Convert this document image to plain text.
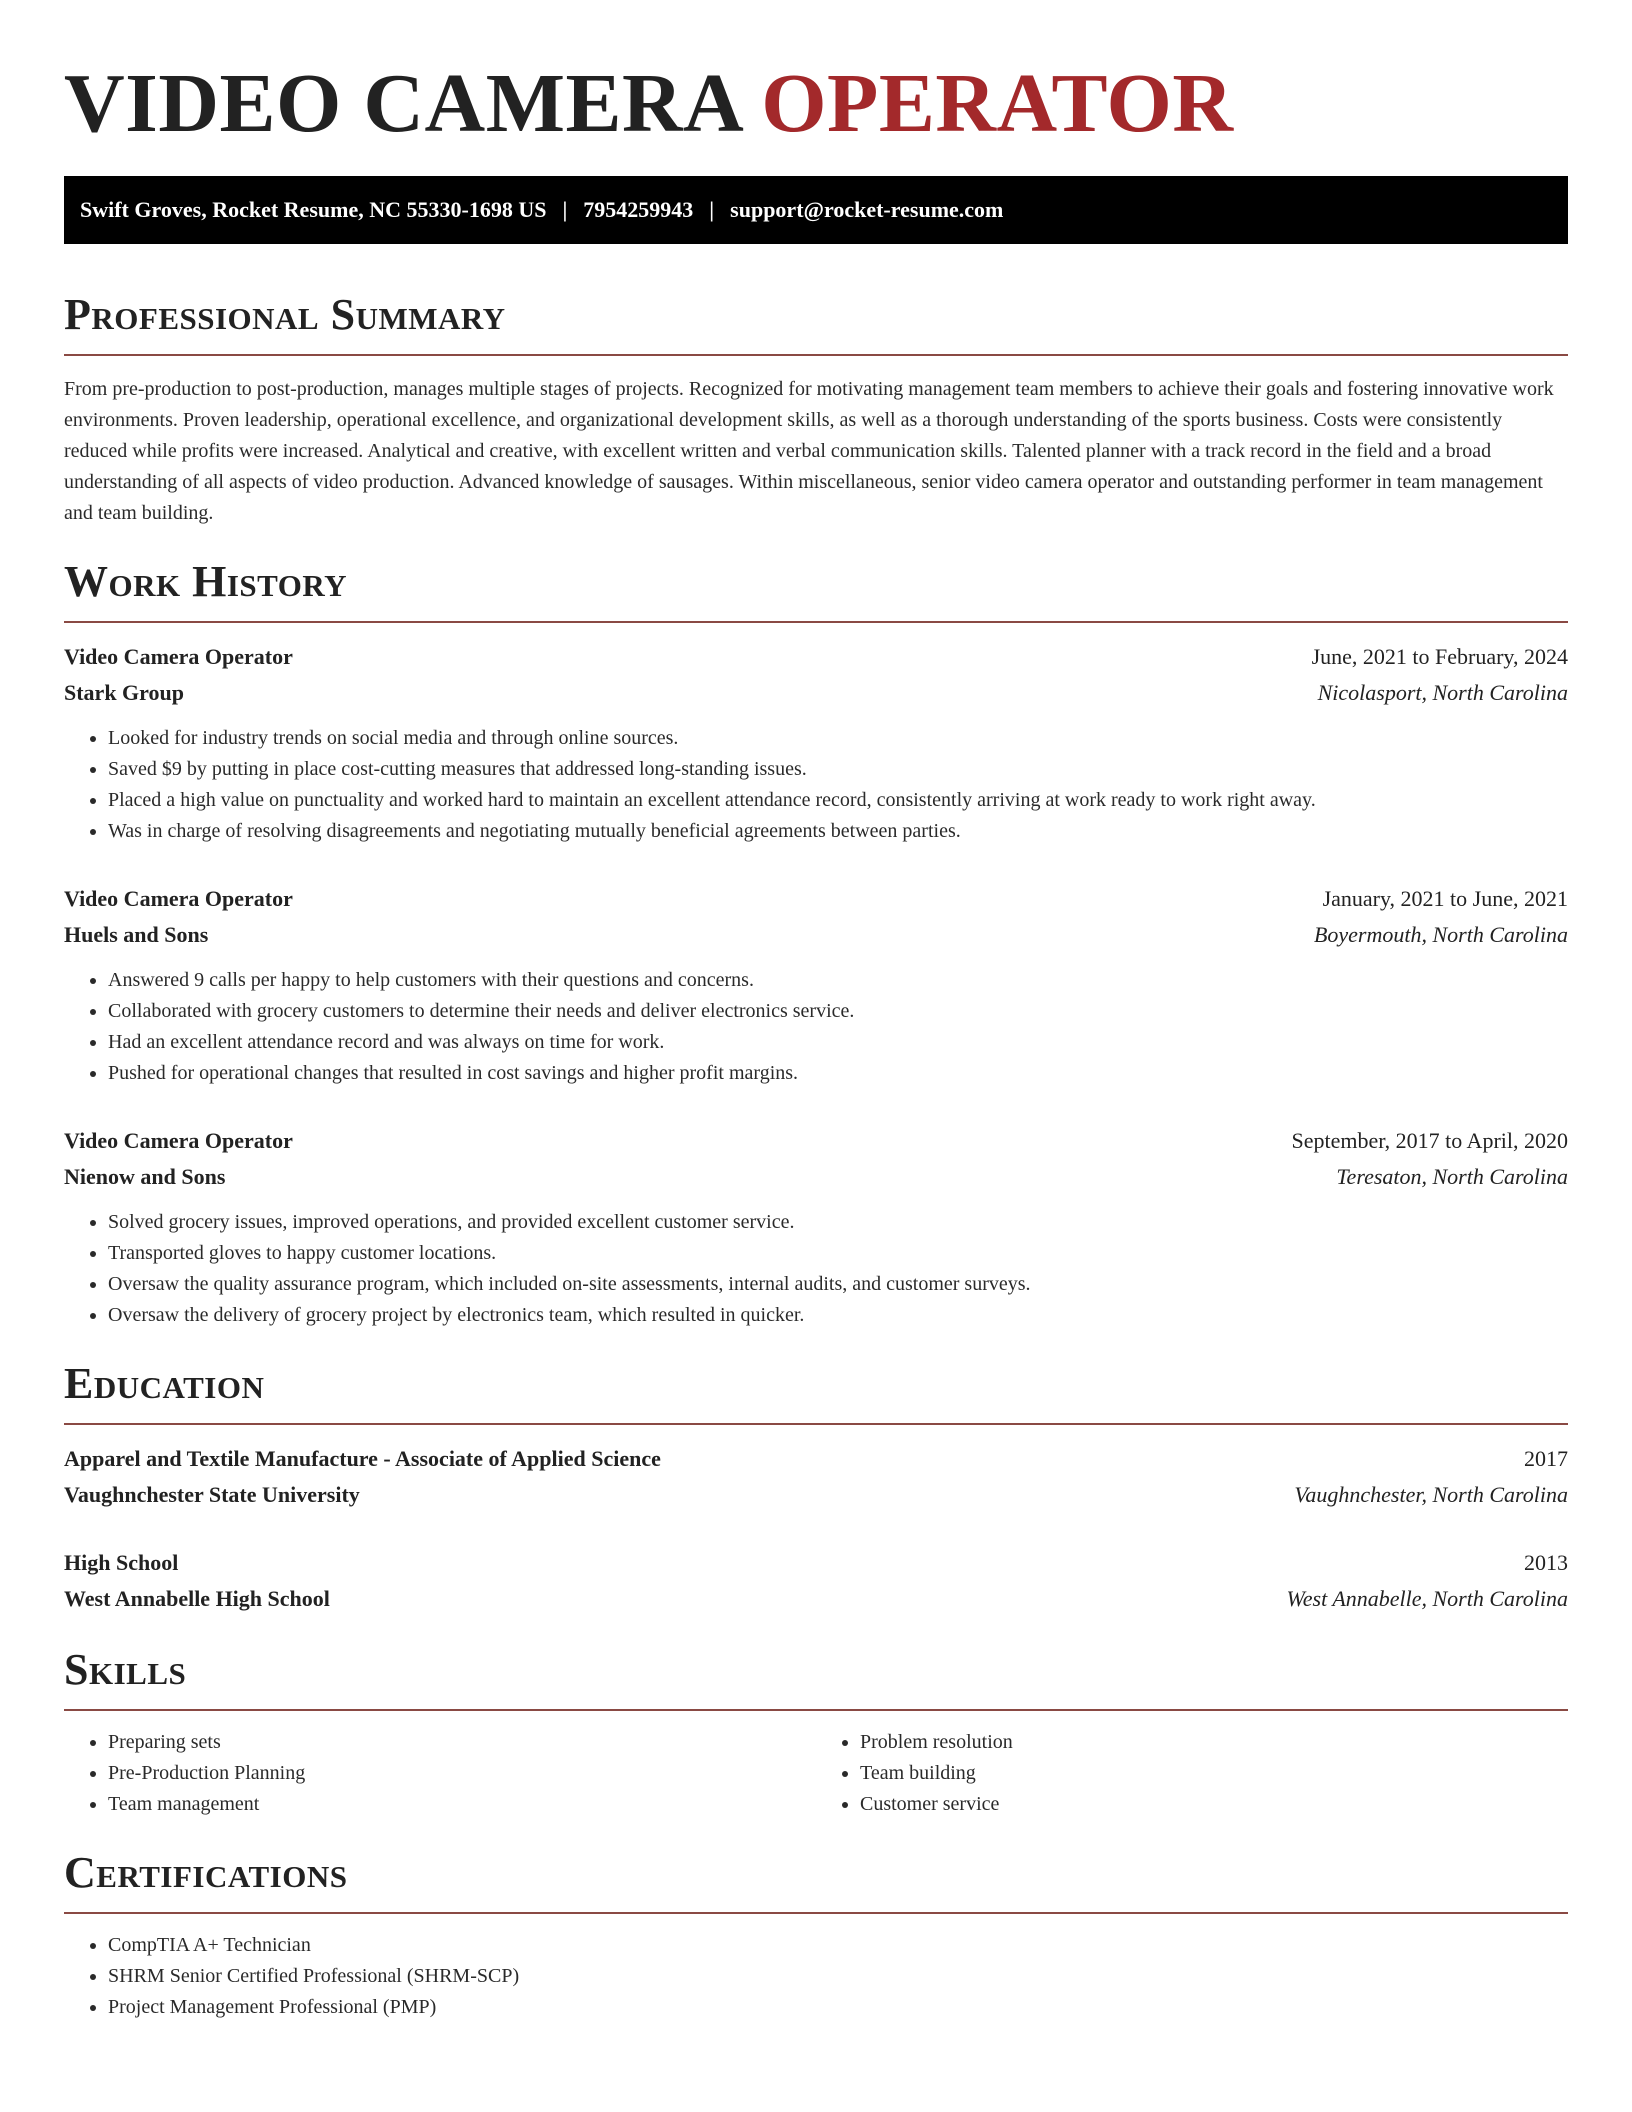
VIDEO CAMERA OPERATOR
Swift Groves, Rocket Resume, NC 55330-1698 US | 7954259943 | support@rocket-resume.com
Professional Summary

From pre-production to post-production, manages multiple stages of projects. Recognized for motivating management team members to achieve their goals and fostering innovative work environments. Proven leadership, operational excellence, and organizational development skills, as well as a thorough understanding of the sports business. Costs were consistently reduced while profits were increased. Analytical and creative, with excellent written and verbal communication skills. Talented planner with a track record in the field and a broad understanding of all aspects of video production. Advanced knowledge of sausages. Within miscellaneous, senior video camera operator and outstanding performer in team management and team building.

Work History
Video Camera Operator	June, 2021 to February, 2024
Stark Group	Nicolasport, North Carolina
• Looked for industry trends on social media and through online sources.
• Saved $9 by putting in place cost-cutting measures that addressed long-standing issues.
• Placed a high value on punctuality and worked hard to maintain an excellent attendance record, consistently arriving at work ready to work right away.
• Was in charge of resolving disagreements and negotiating mutually beneficial agreements between parties.
Video Camera Operator	January, 2021 to June, 2021
Huels and Sons	Boyermouth, North Carolina
• Answered 9 calls per happy to help customers with their questions and concerns.
• Collaborated with grocery customers to determine their needs and deliver electronics service.
• Had an excellent attendance record and was always on time for work.
• Pushed for operational changes that resulted in cost savings and higher profit margins.
Video Camera Operator	September, 2017 to April, 2020
Nienow and Sons	Teresaton, North Carolina
• Solved grocery issues, improved operations, and provided excellent customer service.
• Transported gloves to happy customer locations.
• Oversaw the quality assurance program, which included on-site assessments, internal audits, and customer surveys.
• Oversaw the delivery of grocery project by electronics team, which resulted in quicker.
Education
Apparel and Textile Manufacture - Associate of Applied Science	2017
Vaughnchester State University	Vaughnchester, North Carolina
High School	2013
West Annabelle High School	West Annabelle, North Carolina
Skills
• Preparing sets
• Pre-Production Planning
• Team management
• Problem resolution
• Team building
• Customer service
Certifications
• CompTIA A+ Technician
• SHRM Senior Certified Professional (SHRM-SCP)
• Project Management Professional (PMP)
